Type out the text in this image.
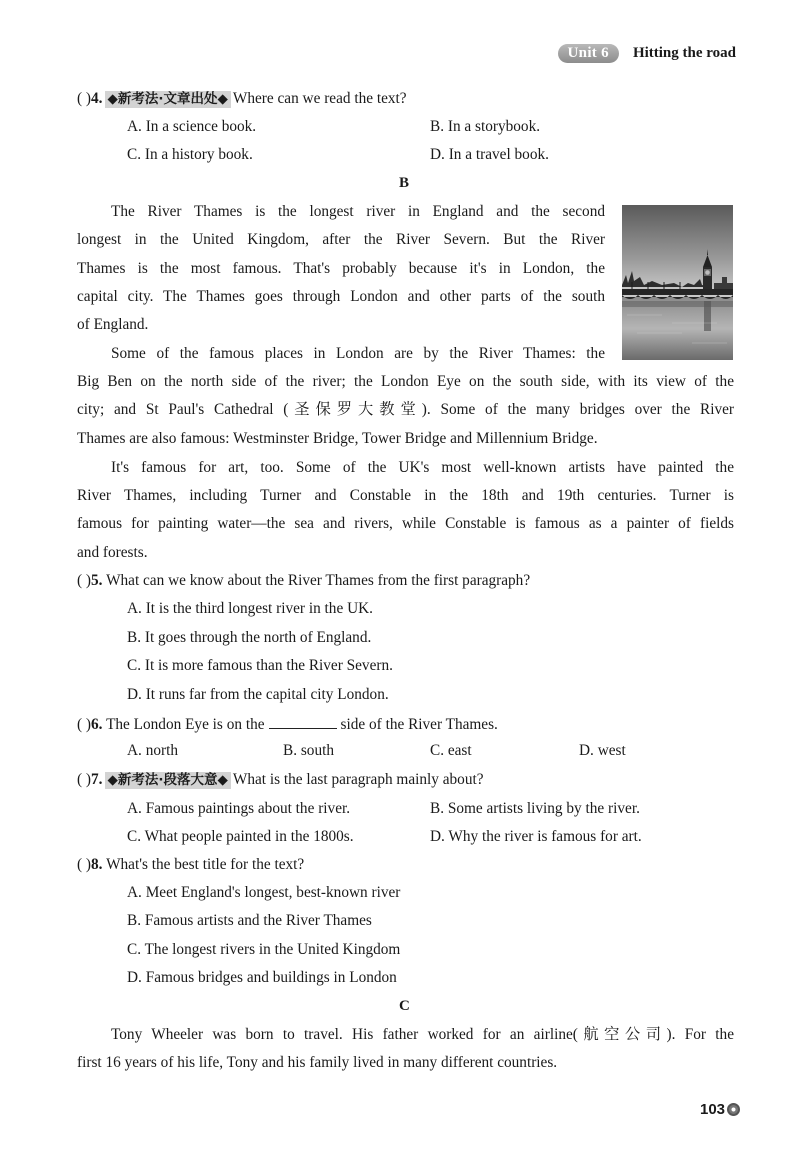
Unit 6	Hitting the road
( )4. ◆新考法·文章出处◆ Where can we read the text?
A. In a science book.	B. In a storybook.
C. In a history book.	D. In a travel book.
B
The River Thames is the longest river in England and the second
longest in the United Kingdom, after the River Severn. But the River
Thames is the most famous. That's probably because it's in London, the
capital city. The Thames goes through London and other parts of the south
of England.
Some of the famous places in London are by the River Thames: the
Big Ben on the north side of the river; the London Eye on the south side, with its view of the
city; and St Paul's Cathedral (圣保罗大教堂). Some of the many bridges over the River
Thames are also famous: Westminster Bridge, Tower Bridge and Millennium Bridge.
It's famous for art, too. Some of the UK's most well-known artists have painted the
River Thames, including Turner and Constable in the 18th and 19th centuries. Turner is
famous for painting water—the sea and rivers, while Constable is famous as a painter of fields
and forests.
( )5. What can we know about the River Thames from the first paragraph?
A. It is the third longest river in the UK.
B. It goes through the north of England.
C. It is more famous than the River Severn.
D. It runs far from the capital city London.
( )6. The London Eye is on the	side of the River Thames.
A. north	B. south	C. east	D. west
( )7. ◆新考法·段落大意◆ What is the last paragraph mainly about?
A. Famous paintings about the river.	B. Some artists living by the river.
C. What people painted in the 1800s.	D. Why the river is famous for art.
( )8. What's the best title for the text?
A. Meet England's longest, best-known river
B. Famous artists and the River Thames
C. The longest rivers in the United Kingdom
D. Famous bridges and buildings in London
C
Tony Wheeler was born to travel. His father worked for an airline(航空公司). For the
first 16 years of his life, Tony and his family lived in many different countries.
103
